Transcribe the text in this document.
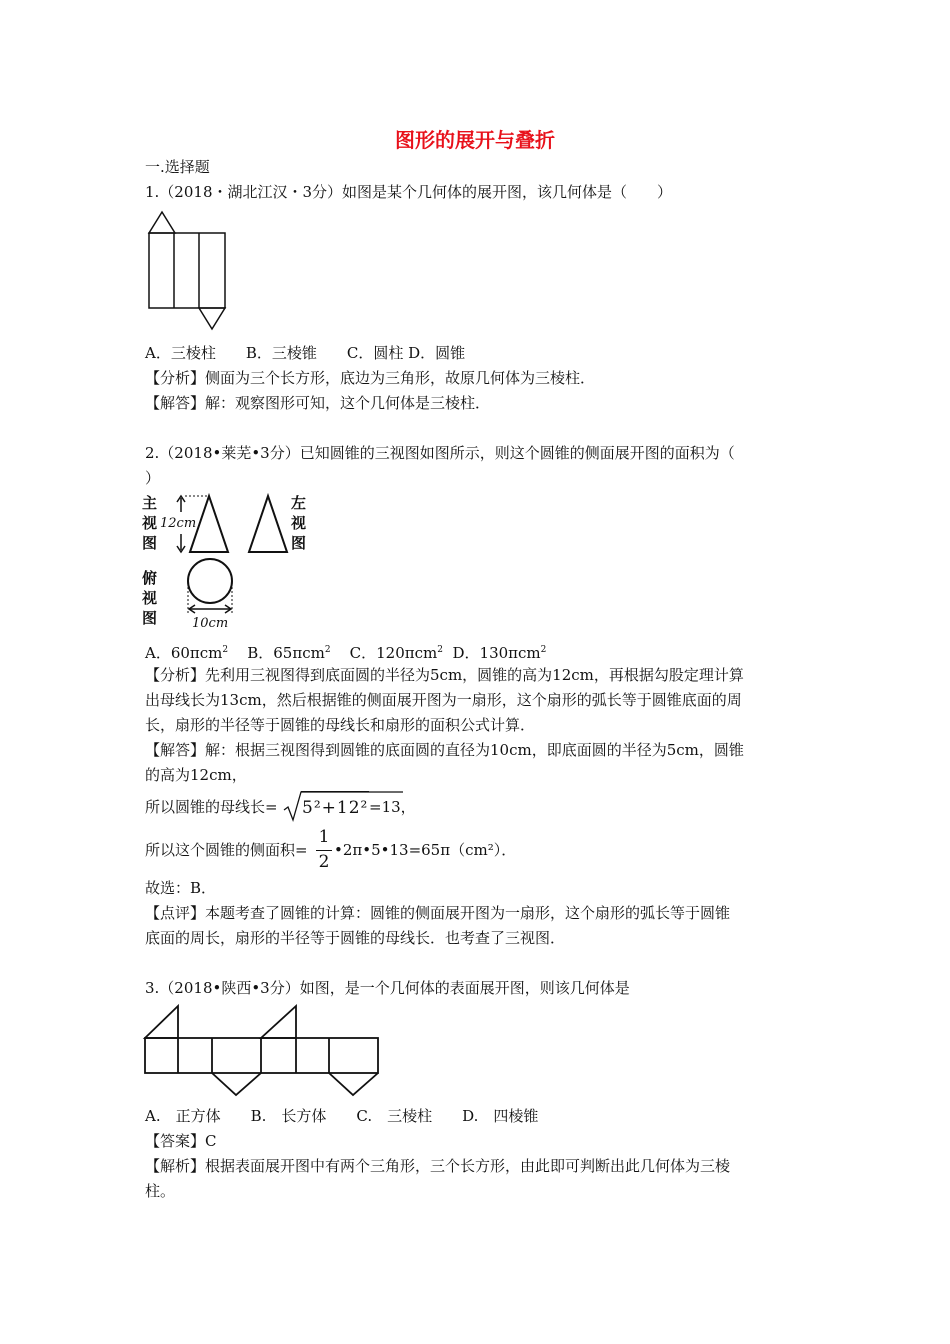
图形的展开与叠折
一.选择题
1.（2018・湖北江汉・3分）如图是某个几何体的展开图，该几何体是（　　）
A．三棱柱　　B．三棱锥　　C．圆柱 D．圆锥
【分析】侧面为三个长方形，底边为三角形，故原几何体为三棱柱．
【解答】解：观察图形可知，这个几何体是三棱柱．
2.（2018•莱芜•3分）已知圆锥的三视图如图所示，则这个圆锥的侧面展开图的面积为（
）
主
视
图
左
视
图
俯
视
图
12cm
10cm
A．60πcm$^2$ B．65πcm$^2$ C．120πcm$^2$ D．130πcm$^2$
【分析】先利用三视图得到底面圆的半径为5cm，圆锥的高为12cm，再根据勾股定理计算
出母线长为13cm，然后根据锥的侧面展开图为一扇形，这个扇形的弧长等于圆锥底面的周
长，扇形的半径等于圆锥的母线长和扇形的面积公式计算．
【解答】解：根据三视图得到圆锥的底面圆的直径为10cm，即底面圆的半径为5cm，圆锥
的高为12cm，
所以圆锥的母线长= 5²+12² =13，
所以这个圆锥的侧面积=
1
2
•2π•5•13=65π（cm²）．
故选：B．
【点评】本题考查了圆锥的计算：圆锥的侧面展开图为一扇形，这个扇形的弧长等于圆锥
底面的周长，扇形的半径等于圆锥的母线长．也考查了三视图．
3.（2018•陕西•3分）如图，是一个几何体的表面展开图，则该几何体是
A.　正方体　　B.　长方体　　C.　三棱柱　　D.　四棱锥
【答案】C
【解析】根据表面展开图中有两个三角形，三个长方形，由此即可判断出此几何体为三棱
柱。
